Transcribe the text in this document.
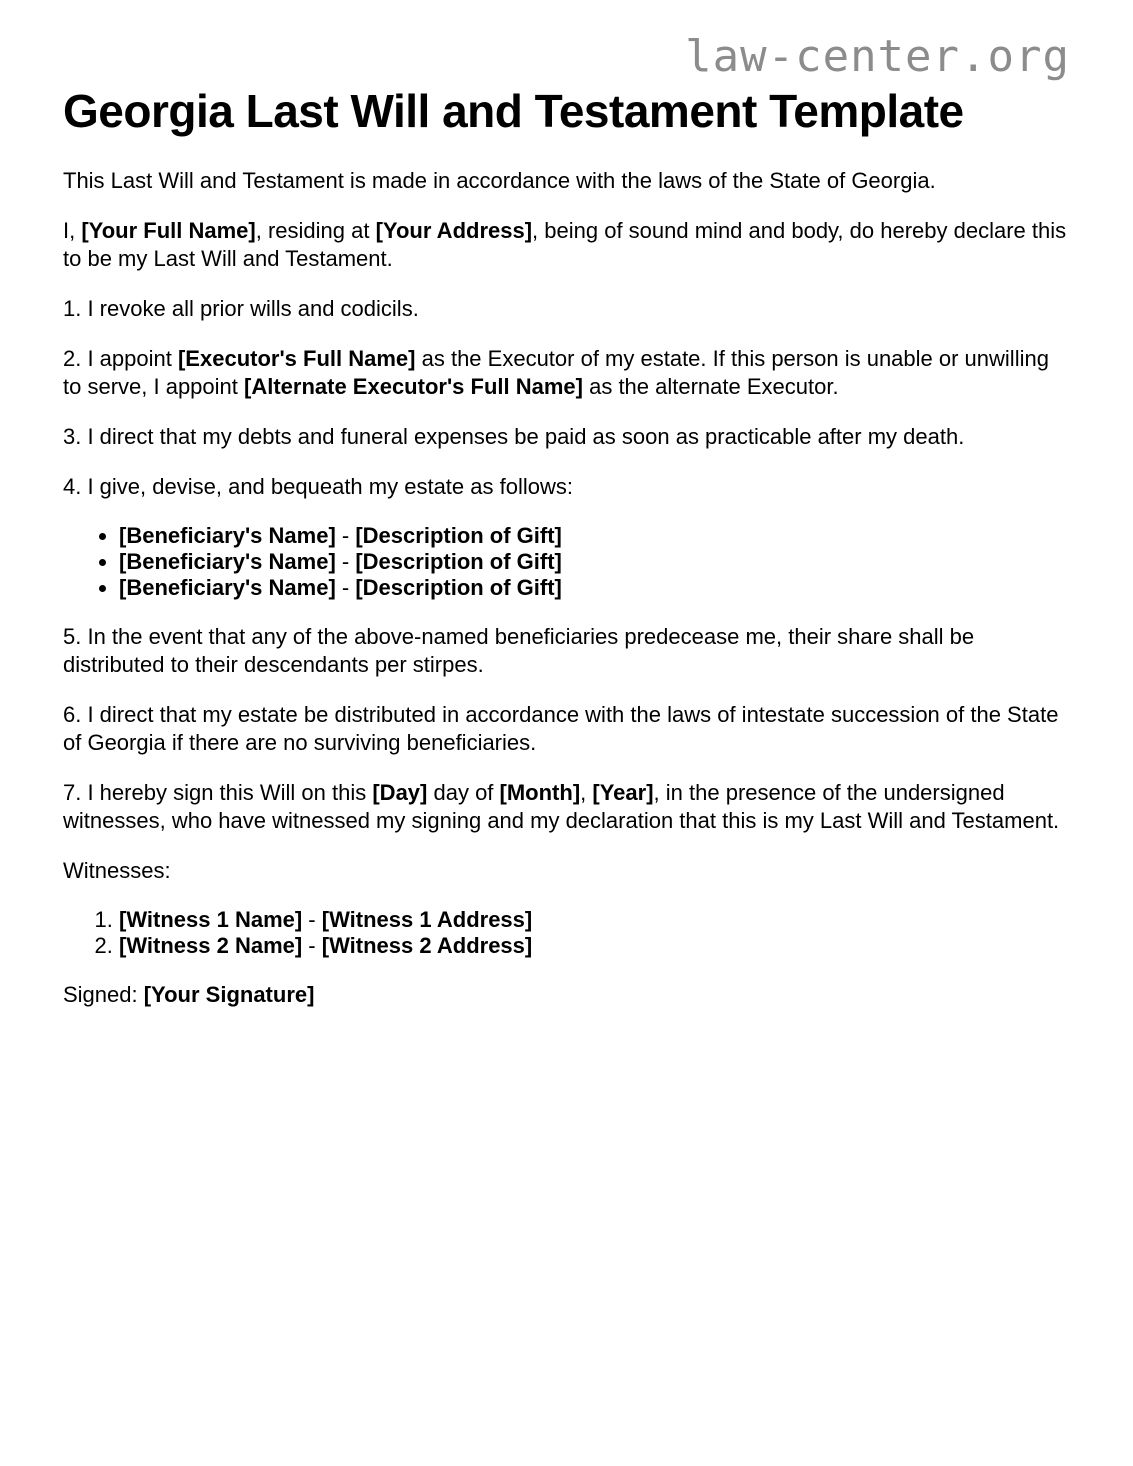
law-center.org
Georgia Last Will and Testament Template

This Last Will and Testament is made in accordance with the laws of the State of Georgia.

I, [Your Full Name], residing at [Your Address], being of sound mind and body, do hereby declare this to be my Last Will and Testament.

1. I revoke all prior wills and codicils.

2. I appoint [Executor's Full Name] as the Executor of my estate. If this person is unable or unwilling to serve, I appoint [Alternate Executor's Full Name] as the alternate Executor.

3. I direct that my debts and funeral expenses be paid as soon as practicable after my death.

4. I give, devise, and bequeath my estate as follows:

• [Beneficiary's Name] - [Description of Gift]
• [Beneficiary's Name] - [Description of Gift]
• [Beneficiary's Name] - [Description of Gift]

5. In the event that any of the above-named beneficiaries predecease me, their share shall be distributed to their descendants per stirpes.

6. I direct that my estate be distributed in accordance with the laws of intestate succession of the State of Georgia if there are no surviving beneficiaries.

7. I hereby sign this Will on this [Day] day of [Month], [Year], in the presence of the undersigned witnesses, who have witnessed my signing and my declaration that this is my Last Will and Testament.

Witnesses:

1. [Witness 1 Name] - [Witness 1 Address]
2. [Witness 2 Name] - [Witness 2 Address]

Signed: [Your Signature]
